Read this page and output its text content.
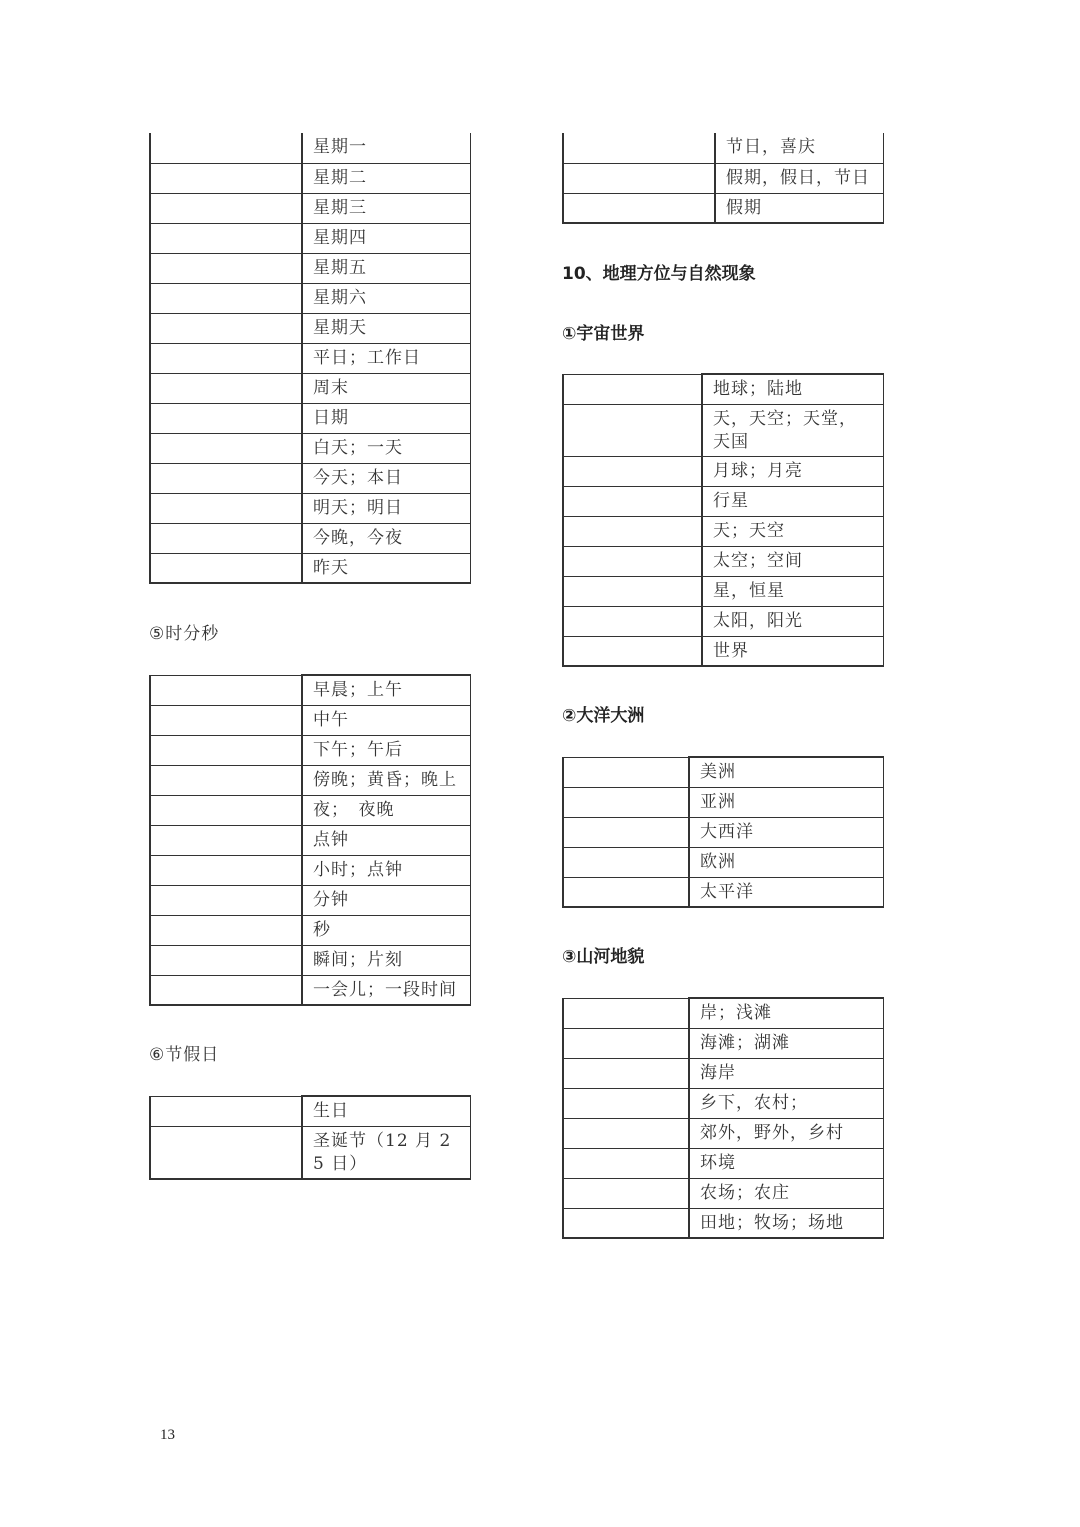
	星期一
	星期二
	星期三
	星期四
	星期五
	星期六
	星期天
	平日；工作日
	周末
	日期
	白天；一天
	今天；本日
	明天；明日
	今晚，今夜
	昨天
⑤时分秒
	早晨；上午
	中午
	下午；午后
	傍晚；黄昏；晚上
	夜；　夜晚
	点钟
	小时；点钟
	分钟
	秒
	瞬间；片刻
	一会儿；一段时间
⑥节假日
	生日
	圣诞节（12 月 25 日）
	节日，喜庆
	假期，假日，节日
	假期
10、地理方位与自然现象
①宇宙世界
	地球；陆地
	天，天空；天堂，天国
	月球；月亮
	行星
	天；天空
	太空；空间
	星，恒星
	太阳，阳光
	世界
②大洋大洲
	美洲
	亚洲
	大西洋
	欧洲
	太平洋
③山河地貌
	岸；浅滩
	海滩；湖滩
	海岸
	乡下，农村；
	郊外，野外，乡村
	环境
	农场；农庄
	田地；牧场；场地
13
